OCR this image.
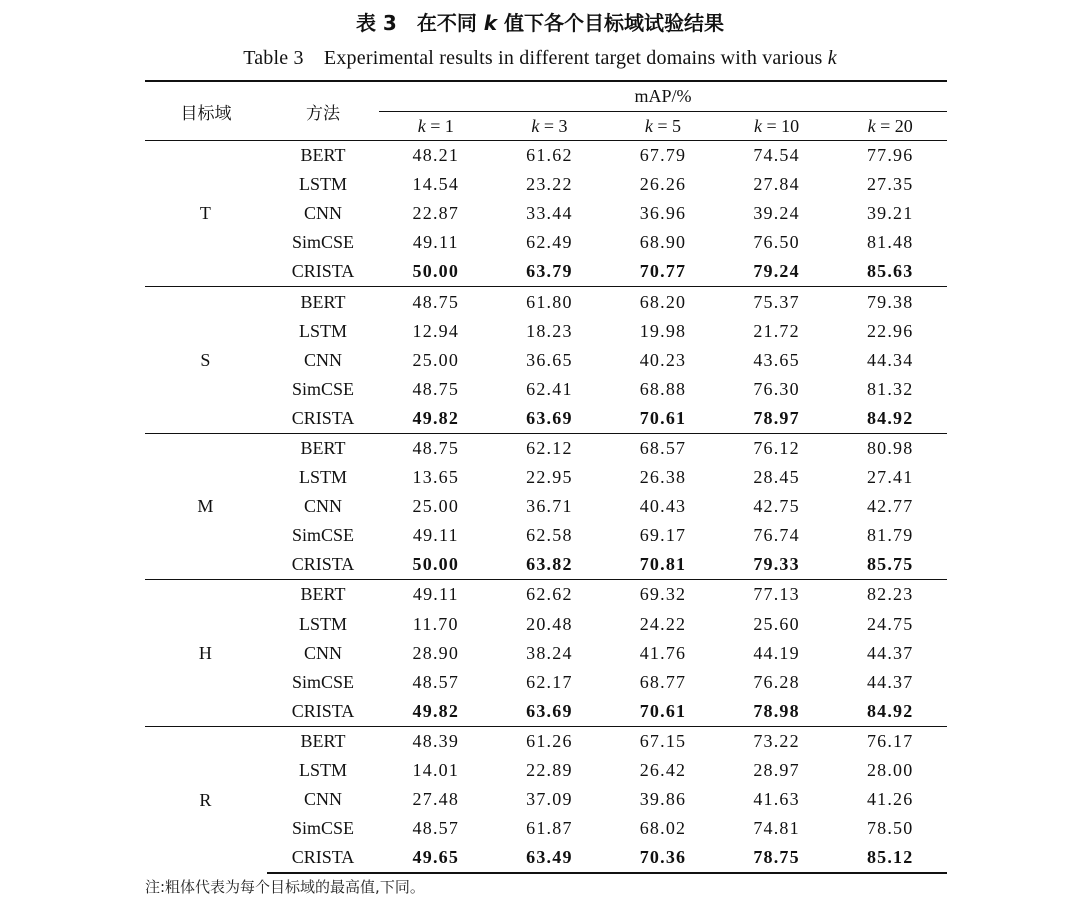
表 3　在不同 k 值下各个目标域试验结果
Table 3　Experimental results in different target domains with various k
目标域	方法	mAP/%				
		k = 1	k = 3	k = 5	k = 10	k = 20
T	BERT	48.21	61.62	67.79	74.54	77.96
	LSTM	14.54	23.22	26.26	27.84	27.35
	CNN	22.87	33.44	36.96	39.24	39.21
	SimCSE	49.11	62.49	68.90	76.50	81.48
	CRISTA	50.00	63.79	70.77	79.24	85.63
S	BERT	48.75	61.80	68.20	75.37	79.38
	LSTM	12.94	18.23	19.98	21.72	22.96
	CNN	25.00	36.65	40.23	43.65	44.34
	SimCSE	48.75	62.41	68.88	76.30	81.32
	CRISTA	49.82	63.69	70.61	78.97	84.92
M	BERT	48.75	62.12	68.57	76.12	80.98
	LSTM	13.65	22.95	26.38	28.45	27.41
	CNN	25.00	36.71	40.43	42.75	42.77
	SimCSE	49.11	62.58	69.17	76.74	81.79
	CRISTA	50.00	63.82	70.81	79.33	85.75
H	BERT	49.11	62.62	69.32	77.13	82.23
	LSTM	11.70	20.48	24.22	25.60	24.75
	CNN	28.90	38.24	41.76	44.19	44.37
	SimCSE	48.57	62.17	68.77	76.28	44.37
	CRISTA	49.82	63.69	70.61	78.98	84.92
R	BERT	48.39	61.26	67.15	73.22	76.17
	LSTM	14.01	22.89	26.42	28.97	28.00
	CNN	27.48	37.09	39.86	41.63	41.26
	SimCSE	48.57	61.87	68.02	74.81	78.50
	CRISTA	49.65	63.49	70.36	78.75	85.12
注:粗体代表为每个目标域的最高值,下同。
